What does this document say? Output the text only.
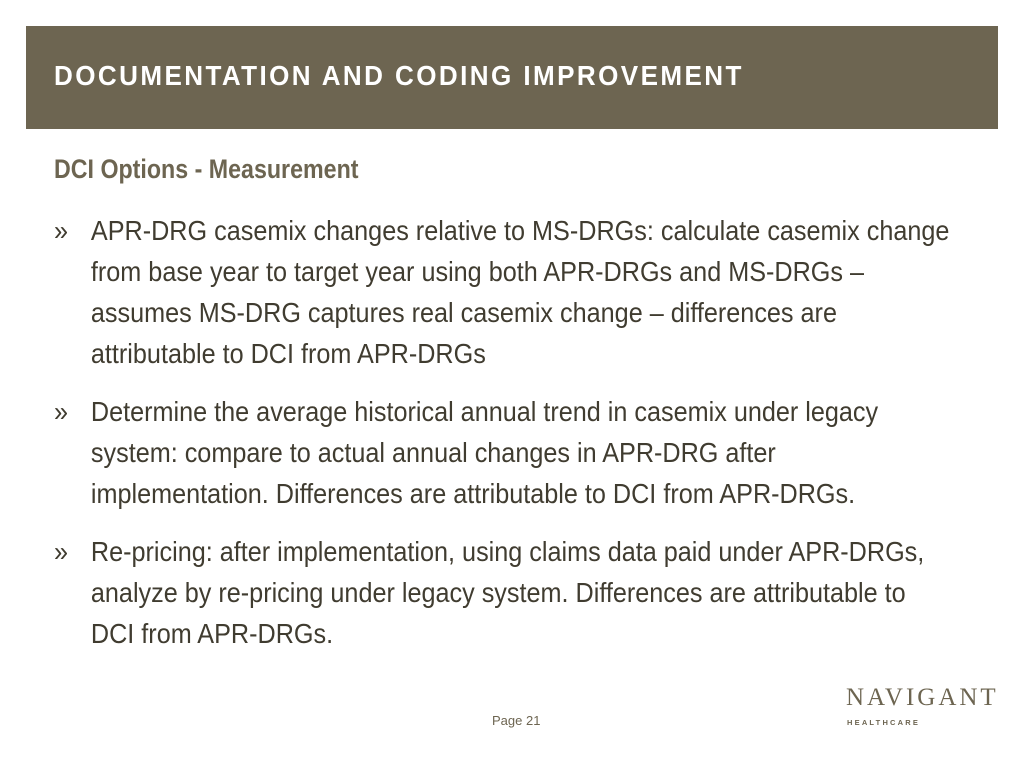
DOCUMENTATION AND CODING IMPROVEMENT
DCI Options - Measurement
» APR-DRG casemix changes relative to MS-DRGs: calculate casemix change from base year to target year using both APR-DRGs and MS-DRGs – assumes MS-DRG captures real casemix change – differences are attributable to DCI from APR-DRGs
» Determine the average historical annual trend in casemix under legacy system: compare to actual annual changes in APR-DRG after implementation. Differences are attributable to DCI from APR-DRGs.
» Re-pricing: after implementation, using claims data paid under APR-DRGs, analyze by re-pricing under legacy system. Differences are attributable to DCI from APR-DRGs.
Page 21
NAVIGANT
HEALTHCARE
